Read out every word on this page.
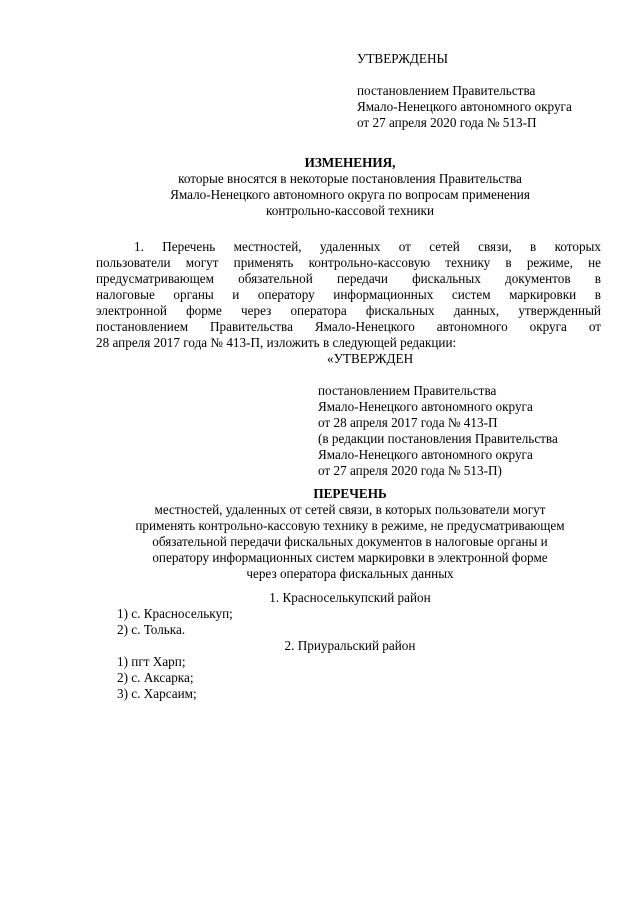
УТВЕРЖДЕНЫ
постановлением Правительства
Ямало-Ненецкого автономного округа
от 27 апреля 2020 года № 513-П
ИЗМЕНЕНИЯ,
которые вносятся в некоторые постановления Правительства
Ямало-Ненецкого автономного округа по вопросам применения
контрольно-кассовой техники
1. Перечень местностей, удаленных от сетей связи, в которых
пользователи могут применять контрольно-кассовую технику в режиме, не
предусматривающем обязательной передачи фискальных документов в
налоговые органы и оператору информационных систем маркировки в
электронной форме через оператора фискальных данных, утвержденный
постановлением Правительства Ямало-Ненецкого автономного округа от
28 апреля 2017 года № 413-П, изложить в следующей редакции:
«УТВЕРЖДЕН
постановлением Правительства
Ямало-Ненецкого автономного округа
от 28 апреля 2017 года № 413-П
(в редакции постановления Правительства
Ямало-Ненецкого автономного округа
от 27 апреля 2020 года № 513-П)
ПЕРЕЧЕНЬ
местностей, удаленных от сетей связи, в которых пользователи могут
применять контрольно-кассовую технику в режиме, не предусматривающем
обязательной передачи фискальных документов в налоговые органы и
оператору информационных систем маркировки в электронной форме
через оператора фискальных данных
1. Красноселькупский район
1) с. Красноселькуп;
2) с. Толька.
2. Приуральский район
1) пгт Харп;
2) с. Аксарка;
3) с. Харсаим;
